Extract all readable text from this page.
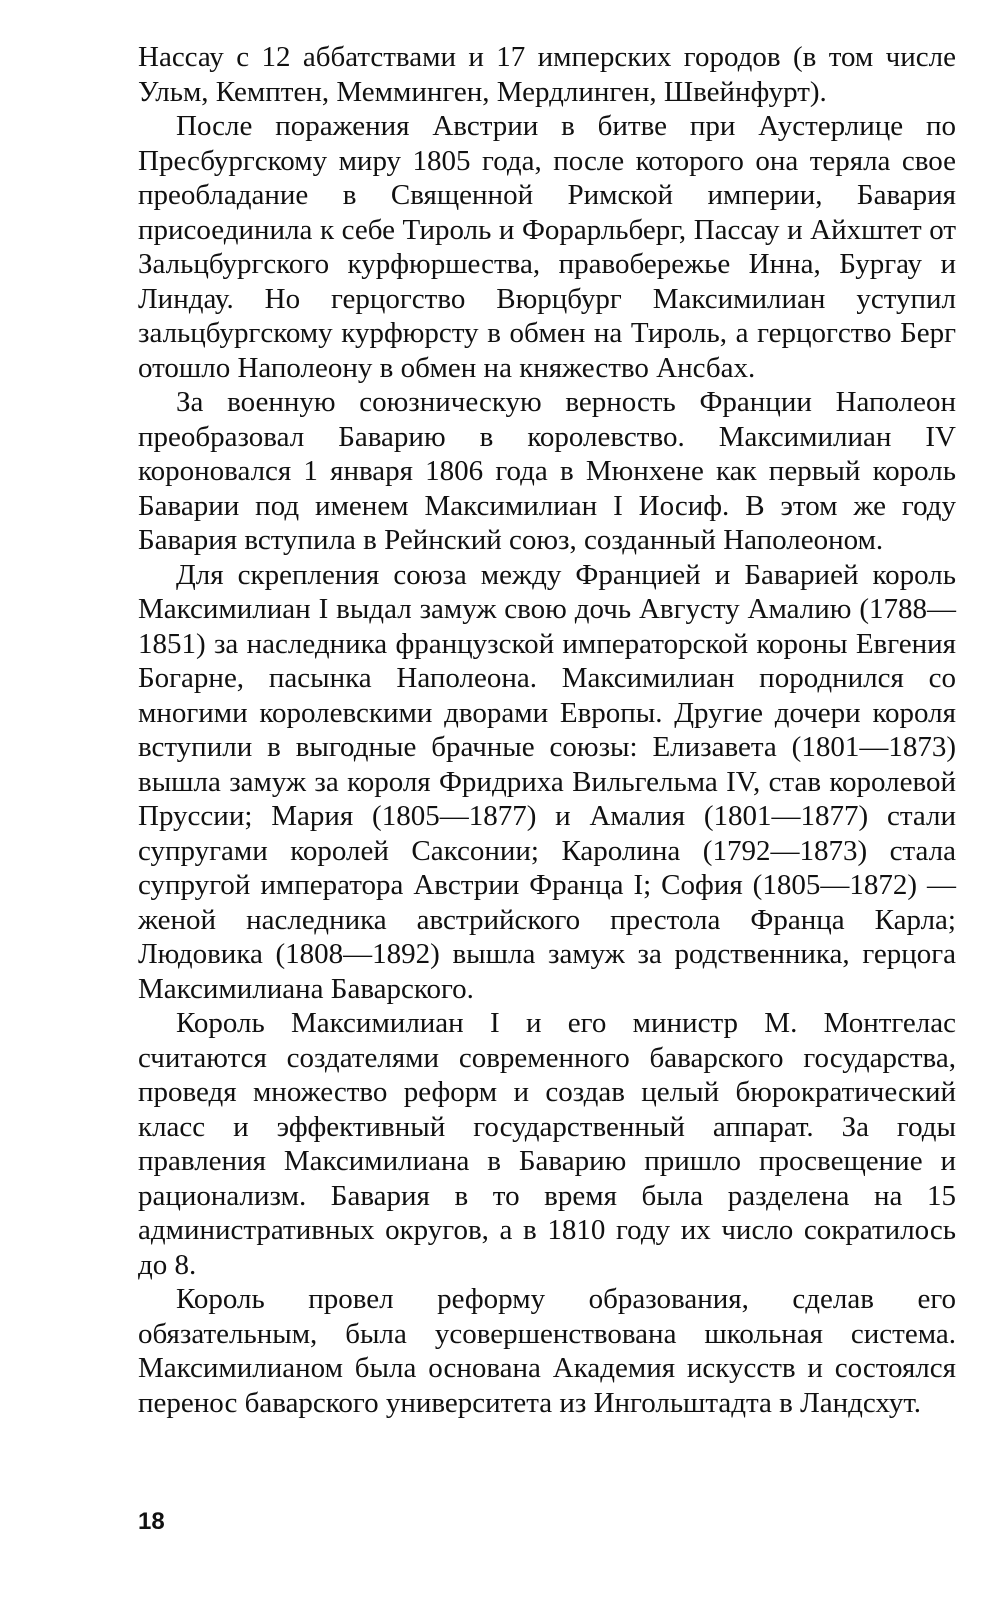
Нассау с 12 аббатствами и 17 имперских городов (в том числе Ульм, Кемптен, Мемминген, Мердлинген, Швейнфурт).

После поражения Австрии в битве при Аустерлице по Пресбургскому миру 1805 года, после которого она теряла свое преобладание в Священной Римской империи, Бавария присоединила к себе Тироль и Форарльберг, Пассау и Айхштет от Зальцбургского курфюршества, правобережье Инна, Бургау и Линдау. Но герцогство Вюрцбург Максимилиан уступил зальцбургскому курфюрсту в обмен на Тироль, а герцогство Берг отошло Наполеону в обмен на княжество Ансбах.

За военную союзническую верность Франции Наполеон преобразовал Баварию в королевство. Максимилиан IV короновался 1 января 1806 года в Мюнхене как первый король Баварии под именем Максимилиан I Иосиф. В этом же году Бавария вступила в Рейнский союз, созданный Наполеоном.

Для скрепления союза между Францией и Баварией король Максимилиан I выдал замуж свою дочь Августу Амалию (1788—1851) за наследника французской императорской короны Евгения Богарне, пасынка Наполеона. Максимилиан породнился со многими королевскими дворами Европы. Другие дочери короля вступили в выгодные брачные союзы: Елизавета (1801—1873) вышла замуж за короля Фридриха Вильгельма IV, став королевой Пруссии; Мария (1805—1877) и Амалия (1801—1877) стали супругами королей Саксонии; Каролина (1792—1873) стала супругой императора Австрии Франца I; София (1805—1872) — женой наследника австрийского престола Франца Карла; Людовика (1808—1892) вышла замуж за родственника, герцога Максимилиана Баварского.

Король Максимилиан I и его министр М. Монтгелас считаются создателями современного баварского государства, проведя множество реформ и создав целый бюрократический класс и эффективный государственный аппарат. За годы правления Максимилиана в Баварию пришло просвещение и рационализм. Бавария в то время была разделена на 15 административных округов, а в 1810 году их число сократилось до 8.

Король провел реформу образования, сделав его обязательным, была усовершенствована школьная система. Максимилианом была основана Академия искусств и состоялся перенос баварского университета из Ингольштадта в Ландсхут.

18
